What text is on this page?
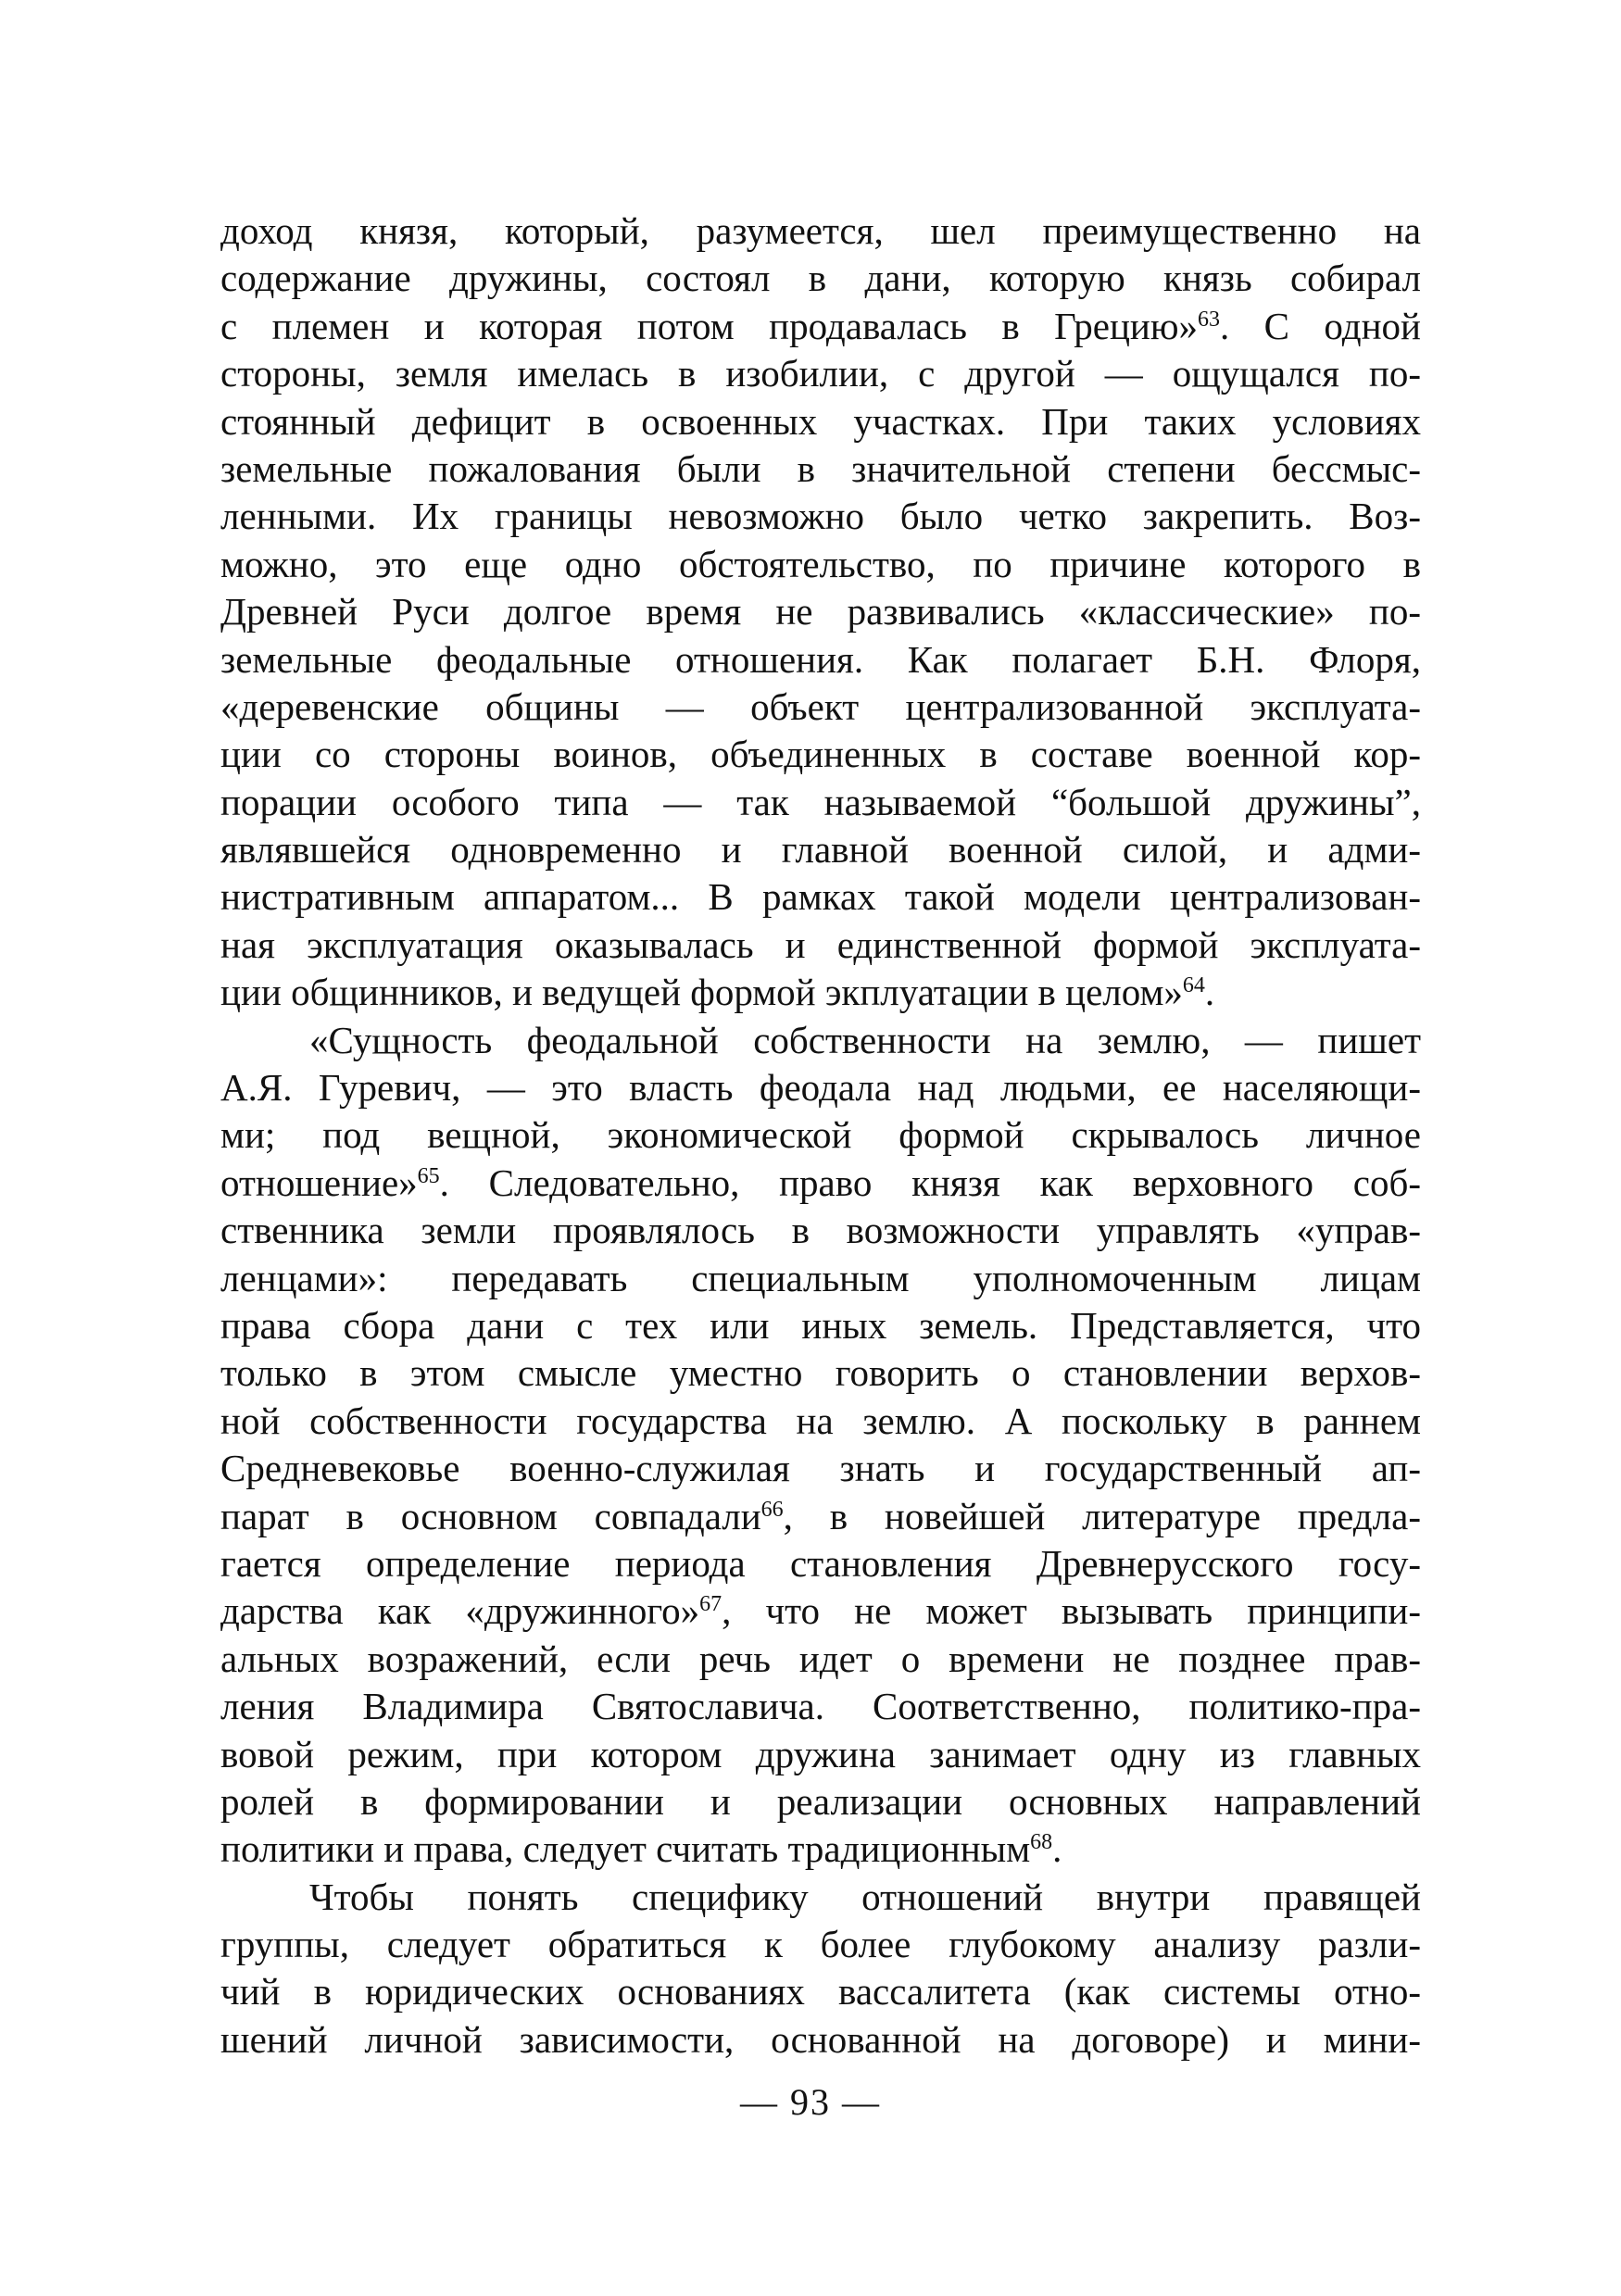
доход князя, который, разумеется, шел преимущественно на
содержание дружины, состоял в дани, которую князь собирал
с племен и которая потом продавалась в Грецию»$^{63}$. С одной
стороны, земля имелась в изобилии, с другой — ощущался по-
стоянный дефицит в освоенных участках. При таких условиях
земельные пожалования были в значительной степени бессмыс-
ленными. Их границы невозможно было четко закрепить. Воз-
можно, это еще одно обстоятельство, по причине которого в
Древней Руси долгое время не развивались «классические» по-
земельные феодальные отношения. Как полагает Б.Н. Флоря,
«деревенские общины — объект централизованной эксплуата-
ции со стороны воинов, объединенных в составе военной кор-
порации особого типа — так называемой “большой дружины”,
являвшейся одновременно и главной военной силой, и адми-
нистративным аппаратом... В рамках такой модели централизован-
ная эксплуатация оказывалась и единственной формой эксплуата-
ции общинников, и ведущей формой экплуатации в целом»$^{64}$.
«Сущность феодальной собственности на землю, — пишет
А.Я. Гуревич, — это власть феодала над людьми, ее населяющи-
ми; под вещной, экономической формой скрывалось личное
отношение»$^{65}$. Следовательно, право князя как верховного соб-
ственника земли проявлялось в возможности управлять «управ-
ленцами»: передавать специальным уполномоченным лицам
права сбора дани с тех или иных земель. Представляется, что
только в этом смысле уместно говорить о становлении верхов-
ной собственности государства на землю. А поскольку в раннем
Средневековье военно-служилая знать и государственный ап-
парат в основном совпадали$^{66}$, в новейшей литературе предла-
гается определение периода становления Древнерусского госу-
дарства как «дружинного»$^{67}$, что не может вызывать принципи-
альных возражений, если речь идет о времени не позднее прав-
ления Владимира Святославича. Соответственно, политико-пра-
вовой режим, при котором дружина занимает одну из главных
ролей в формировании и реализации основных направлений
политики и права, следует считать традиционным$^{68}$.
Чтобы понять специфику отношений внутри правящей
группы, следует обратиться к более глубокому анализу разли-
чий в юридических основаниях вассалитета (как системы отно-
шений личной зависимости, основанной на договоре) и мини-
— 93 —
